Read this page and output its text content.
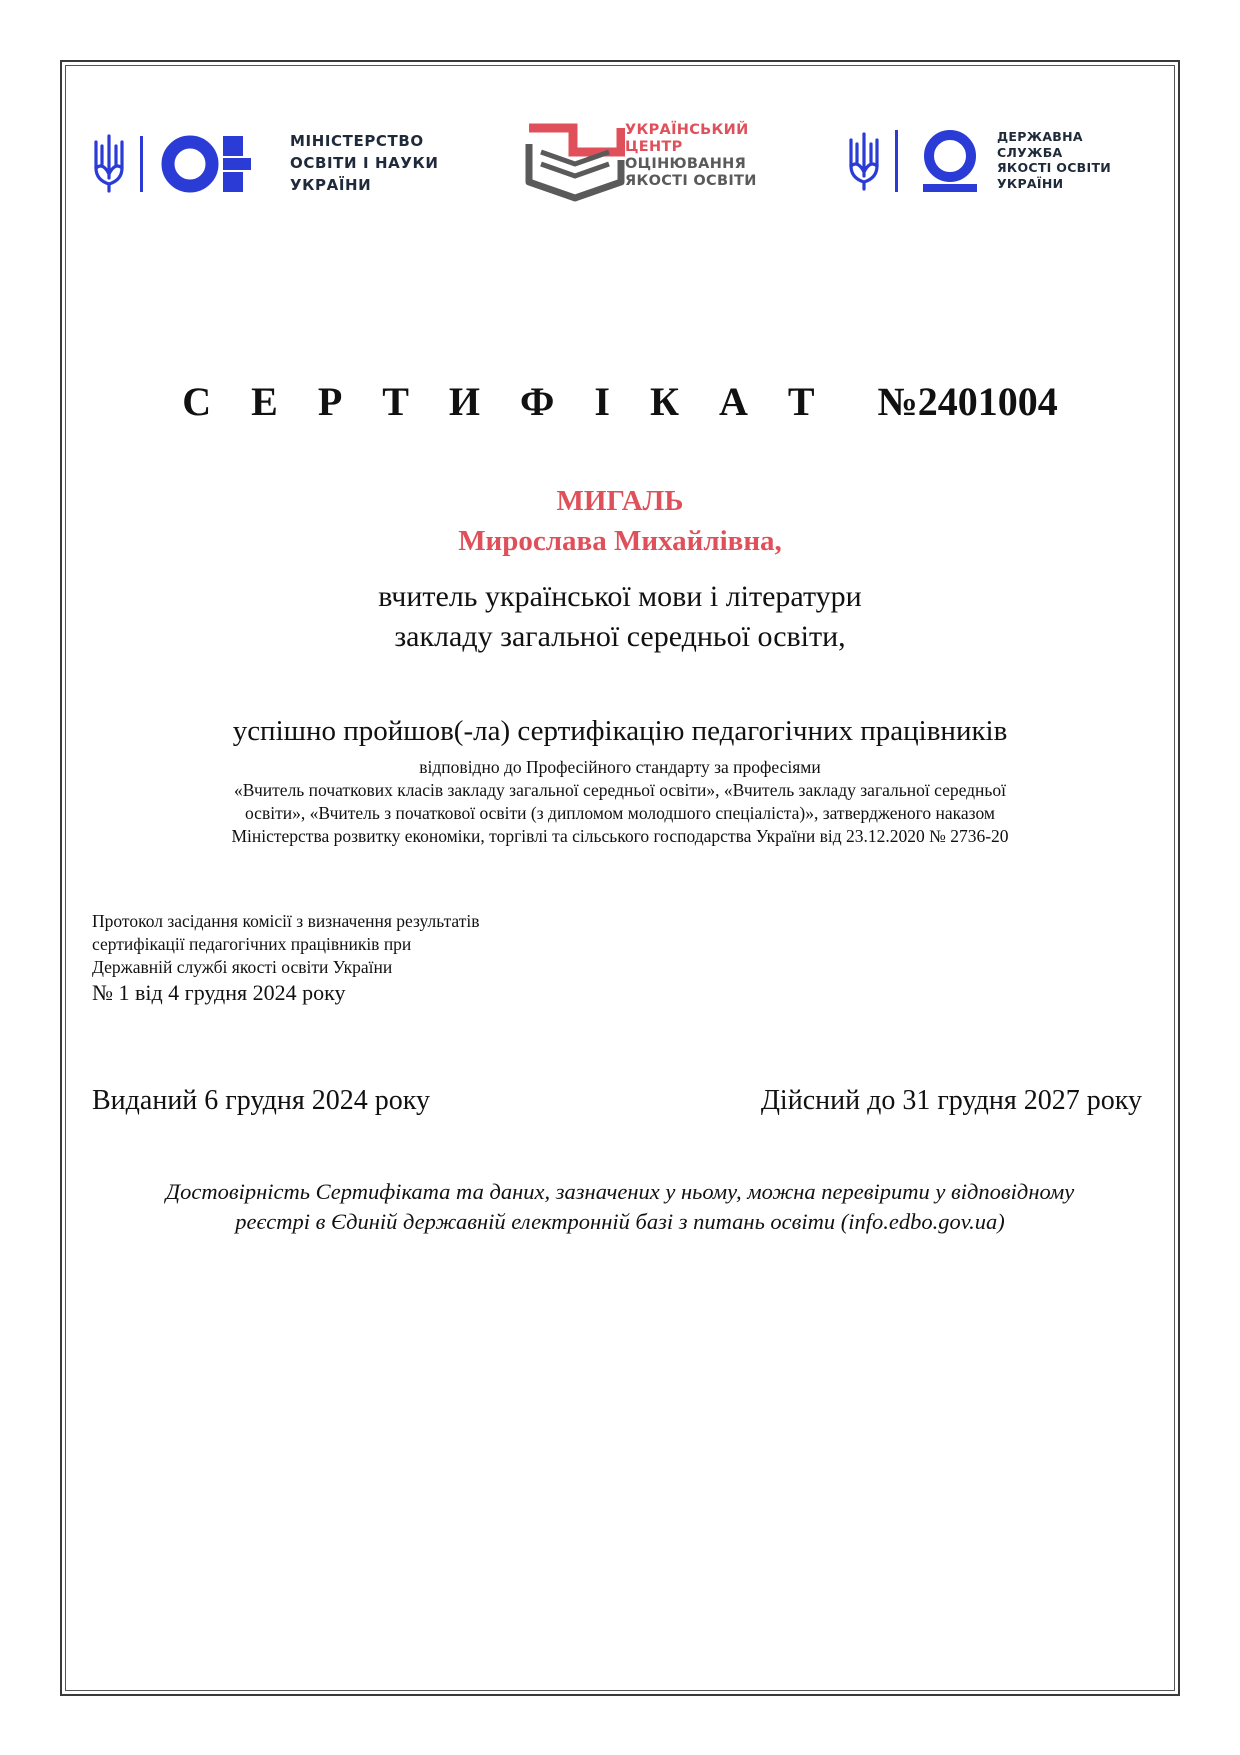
МІНІСТЕРСТВО
ОСВІТИ І НАУКИ
УКРАЇНИ
УКРАЇНСЬКИЙ
ЦЕНТР
ОЦІНЮВАННЯ
ЯКОСТІ ОСВІТИ
ДЕРЖАВНА
СЛУЖБА
ЯКОСТІ ОСВІТИ
УКРАЇНИ
С Е Р Т И Ф І К А Т №2401004
МИГАЛЬ
Мирослава Михайлівна,
вчитель української мови і літератури
закладу загальної середньої освіти,
успішно пройшов(-ла) сертифікацію педагогічних працівників
відповідно до Професійного стандарту за професіями
«Вчитель початкових класів закладу загальної середньої освіти», «Вчитель закладу загальної середньої
освіти», «Вчитель з початкової освіти (з дипломом молодшого спеціаліста)», затвердженого наказом
Міністерства розвитку економіки, торгівлі та сільського господарства України від 23.12.2020 № 2736-20
Протокол засідання комісії з визначення результатів
сертифікації педагогічних працівників при
Державній службі якості освіти України
№ 1 від 4 грудня 2024 року
Виданий 6 грудня 2024 року	Дійсний до 31 грудня 2027 року
Достовірність Сертифіката та даних, зазначених у ньому, можна перевірити у відповідному
реєстрі в Єдиній державній електронній базі з питань освіти (info.edbo.gov.ua)
